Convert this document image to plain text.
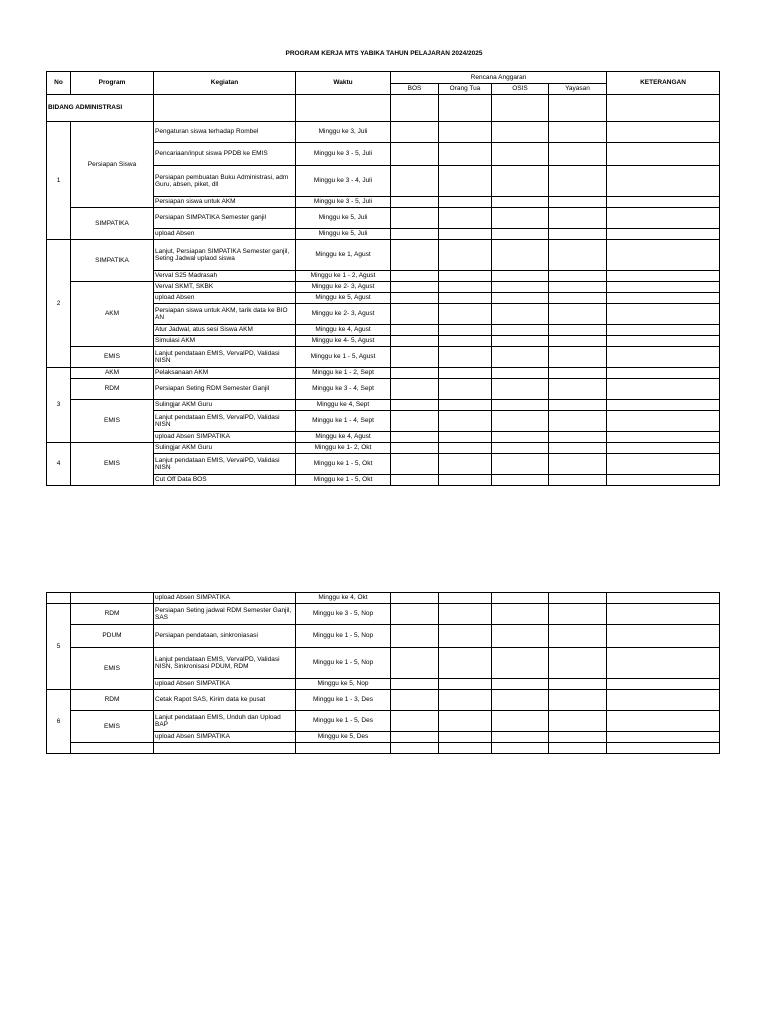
PROGRAM KERJA MTS YABIKA TAHUN PELAJARAN 2024/2025
No	Program	Kegiatan	Waktu	Rencana Anggaran				KETERANGAN
				BOS	Orang Tua	OSIS	Yayasan	
BIDANG ADMINISTRASI								
1	Persiapan Siswa	Pengaturan siswa terhadap Rombel	Minggu ke 3, Juli					
		Pencariaan/input siswa PPDB ke EMIS	Minggu ke 3 - 5, Juli					
		Persiapan pembuatan Buku Administrasi, adm Guru, absen, piket, dll	Minggu ke 3 - 4, Juli					
		Persiapan siswa untuk AKM	Minggu ke 3 - 5, Juli					
	SIMPATIKA	Persiapan SIMPATIKA Semester ganjil	Minggu ke 5, Juli					
		upload Absen	Minggu ke 5, Juli					
2	SIMPATIKA	Lanjut, Persiapan SIMPATIKA Semester ganjil, Seting Jadwal uplaod siswa	Minggu ke 1, Agust					
		Verval S25 Madrasah	Minggu ke 1 - 2, Agust					
	AKM	Verval SKMT, SKBK	Minggu ke 2- 3, Agust					
		upload Absen	Minggu ke 5, Agust					
		Persiapan siswa untuk AKM, tarik data ke BIO AN	Minggu ke 2- 3, Agust					
		Atur Jadwal, atus sesi Siswa AKM	Minggu ke 4, Agust					
		Simulasi AKM	Minggu ke 4- 5, Agust					
	EMIS	Lanjut pendataan EMIS, VervalPD, Validasi NISN	Minggu ke 1 - 5, Agust					
3	AKM	Pelaksanaan AKM	Minggu ke 1 - 2, Sept					
	RDM	Persiapan Seting RDM Semester Ganjil	Minggu ke 3 - 4, Sept					
	EMIS	Sulingjar AKM Guru	Minggu ke 4, Sept					
		Lanjut pendataan EMIS, VervalPD, Validasi NISN	Minggu ke 1 - 4, Sept					
		upload Absen SIMPATIKA	Minggu ke 4, Agust					
4	EMIS	Sulingjar AKM Guru	Minggu ke 1- 2, Okt					
		Lanjut pendataan EMIS, VervalPD, Validasi NISN	Minggu ke 1 - 5, Okt					
		Cut Off Data BOS	Minggu ke 1 - 5, Okt					
		upload Absen SIMPATIKA	Minggu ke 4, Okt					
5	RDM	Persiapan Seting jadwal RDM Semester Ganjil, SAS	Minggu ke 3 - 5, Nop					
	PDUM	Persiapan pendataan, sinkroniasasi	Minggu ke 1 - 5, Nop					
	EMIS	Lanjut pendataan EMIS, VervalPD, Validasi NISN, Sinkronisasi PDUM, RDM	Minggu ke 1 - 5, Nop					
		upload Absen SIMPATIKA	Minggu ke 5, Nop					
6	RDM	Cetak Rapot SAS, Kirim data ke pusat	Minggu ke 1 - 3, Des					
	EMIS	Lanjut pendataan EMIS, Unduh dan Upload BAP	Minggu ke 1 - 5, Des					
		upload Absen SIMPATIKA	Minggu ke 5, Des					
